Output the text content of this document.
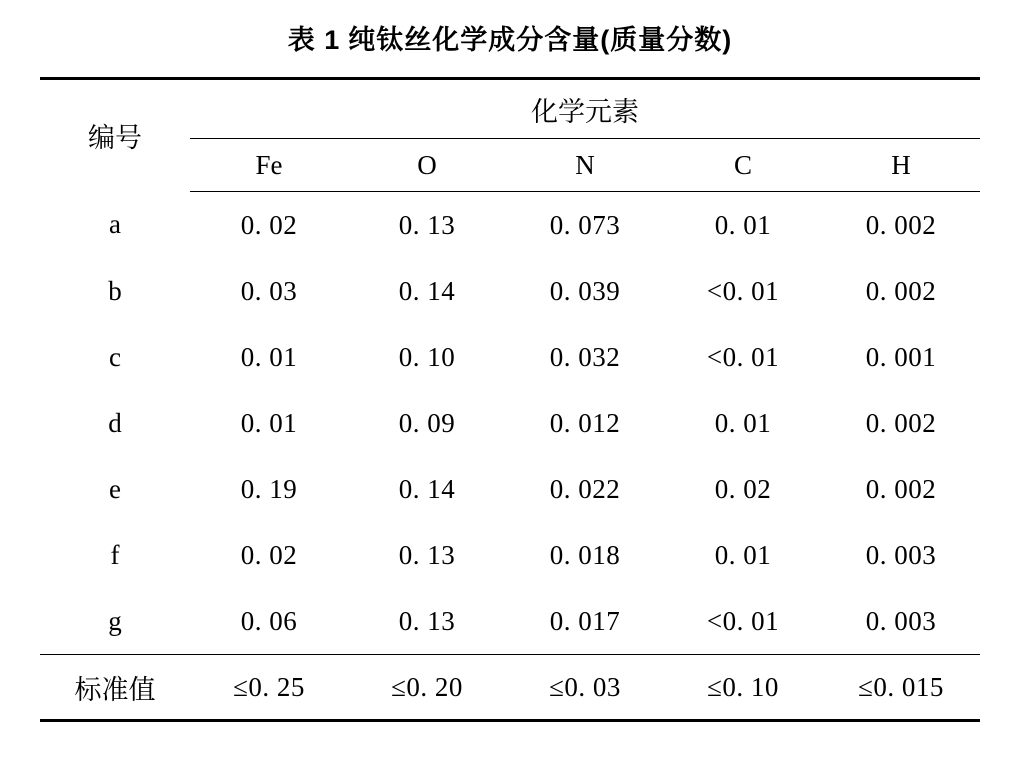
表 1 纯钛丝化学成分含量(质量分数)
编号	化学元素				
	Fe	O	N	C	H
a	0. 02	0. 13	0. 073	0. 01	0. 002
b	0. 03	0. 14	0. 039	<0. 01	0. 002
c	0. 01	0. 10	0. 032	<0. 01	0. 001
d	0. 01	0. 09	0. 012	0. 01	0. 002
e	0. 19	0. 14	0. 022	0. 02	0. 002
f	0. 02	0. 13	0. 018	0. 01	0. 003
g	0. 06	0. 13	0. 017	<0. 01	0. 003
标准值	≤0. 25	≤0. 20	≤0. 03	≤0. 10	≤0. 015
